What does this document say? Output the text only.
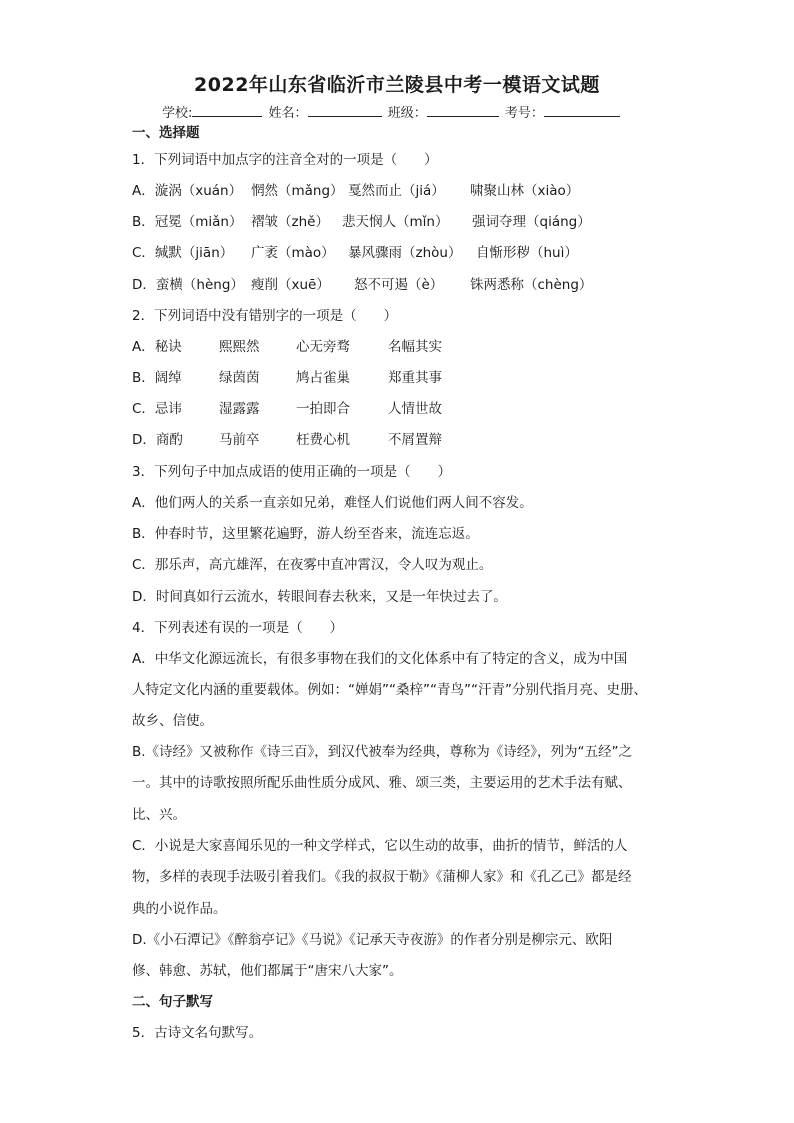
2022年山东省临沂市兰陵县中考一模语文试题
学校:	姓名：	班级：	考号：
一、选择题
1．下列词语中加点字的注音全对的一项是（　　）
A．漩涡（xuán） 惘然（mǎng） 戛然而止（jiá） 啸聚山林（xiào）
B．冠冕（miǎn） 褶皱（zhě） 悲天悯人（mǐn） 强词夺理（qiáng）
C．缄默（jiān） 广袤（mào） 暴风骤雨（zhòu） 自惭形秽（huì）
D．蛮横（hèng） 瘦削（xuē） 怒不可遏（è） 铢两悉称（chèng）
2．下列词语中没有错别字的一项是（　　）
A．秘诀	熙熙然	心无旁骛	名幅其实
B．阔绰	绿茵茵	鸠占雀巢	郑重其事
C．忌讳	湿露露	一拍即合	人情世故
D．商酌	马前卒	枉费心机	不屑置辩
3．下列句子中加点成语的使用正确的一项是（　　）
A．他们两人的关系一直亲如兄弟，难怪人们说他们两人间不容发。
B．仲春时节，这里繁花遍野，游人纷至沓来，流连忘返。
C．那乐声，高亢雄浑，在夜雾中直冲霄汉，令人叹为观止。
D．时间真如行云流水，转眼间春去秋来，又是一年快过去了。
4．下列表述有误的一项是（　　）
A．中华文化源远流长，有很多事物在我们的文化体系中有了特定的含义，成为中国
人特定文化内涵的重要载体。例如：“婵娟”“桑梓”“青鸟”“汗青”分别代指月亮、史册、
故乡、信使。
B.《诗经》又被称作《诗三百》，到汉代被奉为经典，尊称为《诗经》，列为“五经”之
一。其中的诗歌按照所配乐曲性质分成风、雅、颂三类，主要运用的艺术手法有赋、
比、兴。
C．小说是大家喜闻乐见的一种文学样式，它以生动的故事，曲折的情节，鲜活的人
物，多样的表现手法吸引着我们。《我的叔叔于勒》《蒲柳人家》和《孔乙己》都是经
典的小说作品。
D.《小石潭记》《醉翁亭记》《马说》《记承天寺夜游》的作者分别是柳宗元、欧阳
修、韩愈、苏轼，他们都属于“唐宋八大家”。
二、句子默写
5．古诗文名句默写。
